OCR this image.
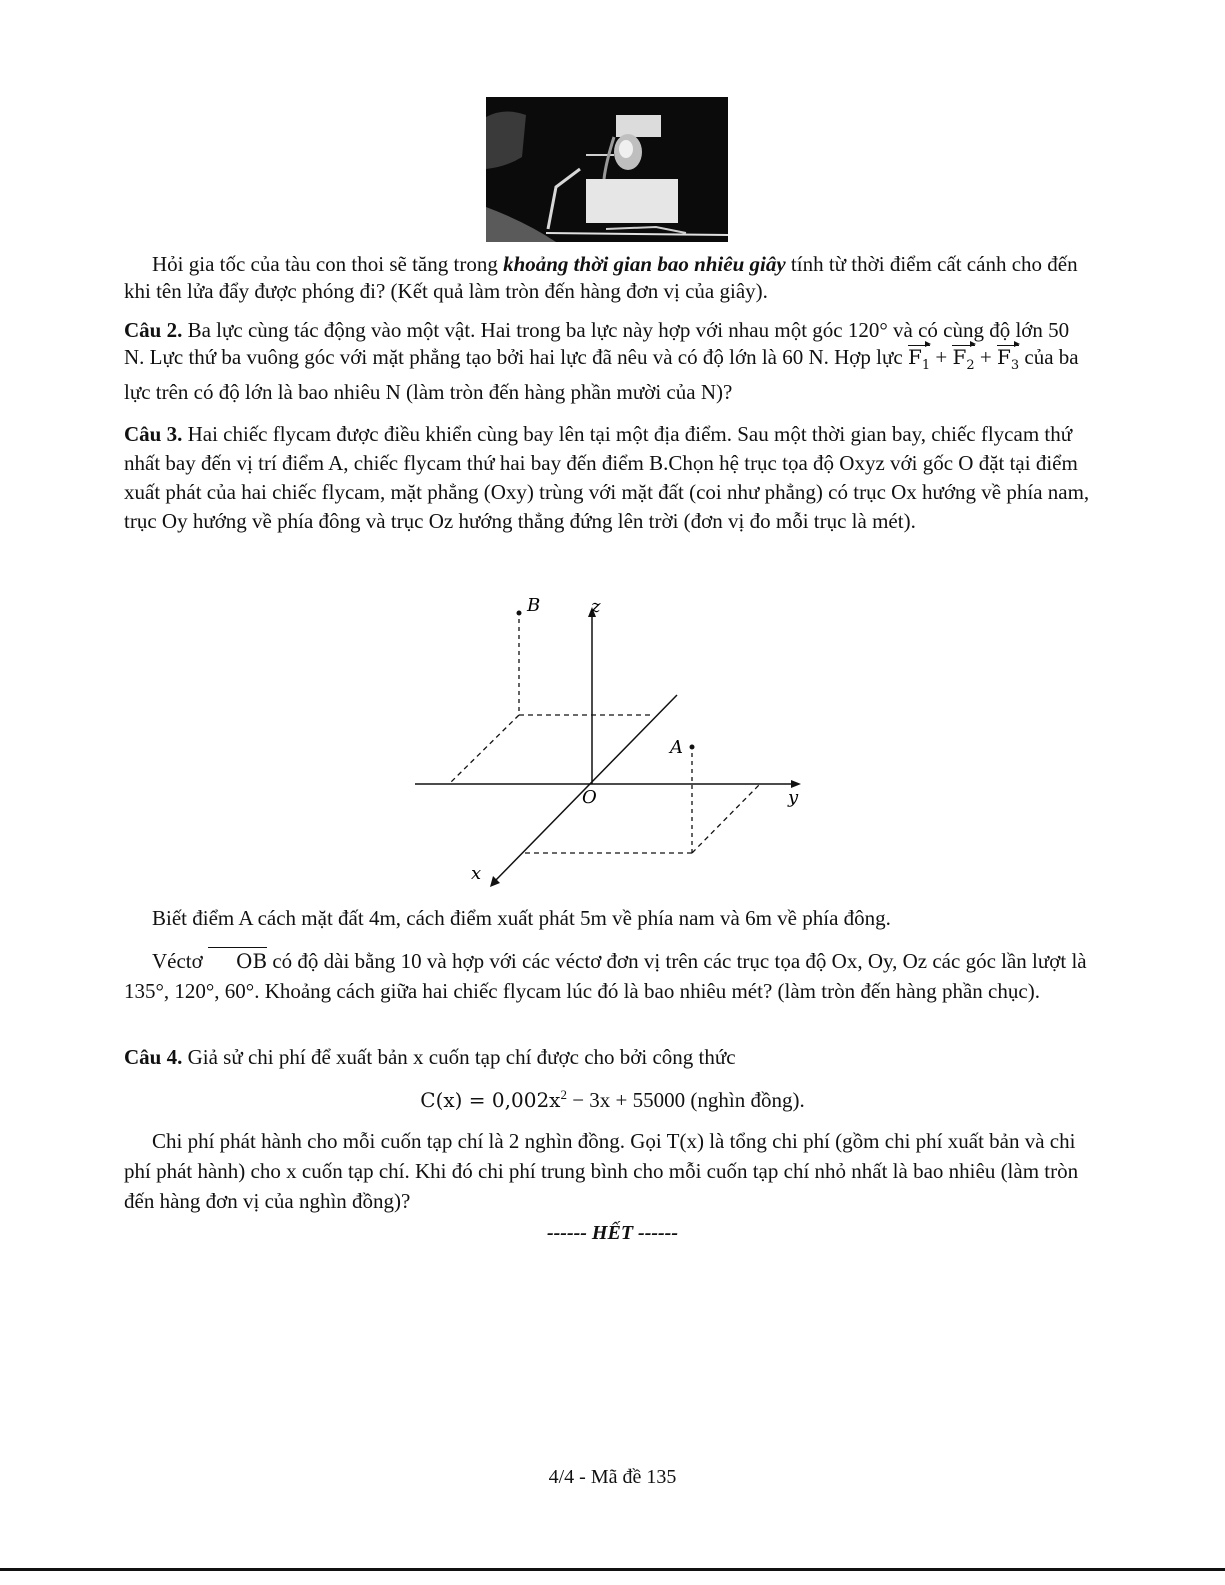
Hỏi gia tốc của tàu con thoi sẽ tăng trong khoảng thời gian bao nhiêu giây tính từ thời điểm cất cánh cho đến khi tên lửa đẩy được phóng đi? (Kết quả làm tròn đến hàng đơn vị của giây).

Câu 2. Ba lực cùng tác động vào một vật. Hai trong ba lực này hợp với nhau một góc 120° và có cùng độ lớn 50 N. Lực thứ ba vuông góc với mặt phẳng tạo bởi hai lực đã nêu và có độ lớn là 60 N. Hợp lực $F_1 + F_2 + F_3$ của ba lực trên có độ lớn là bao nhiêu N (làm tròn đến hàng phần mười của N)?

Câu 3. Hai chiếc flycam được điều khiển cùng bay lên tại một địa điểm. Sau một thời gian bay, chiếc flycam thứ nhất bay đến vị trí điểm A, chiếc flycam thứ hai bay đến điểm B.Chọn hệ trục tọa độ Oxyz với gốc O đặt tại điểm xuất phát của hai chiếc flycam, mặt phẳng (Oxy) trùng với mặt đất (coi như phẳng) có trục Ox hướng về phía nam, trục Oy hướng về phía đông và trục Oz hướng thẳng đứng lên trời (đơn vị đo mỗi trục là mét).

B	z
A
O	y
x

Biết điểm A cách mặt đất 4m, cách điểm xuất phát 5m về phía nam và 6m về phía đông.

Véctơ OB có độ dài bằng 10 và hợp với các véctơ đơn vị trên các trục tọa độ Ox, Oy, Oz các góc lần lượt là 135°, 120°, 60°. Khoảng cách giữa hai chiếc flycam lúc đó là bao nhiêu mét? (làm tròn đến hàng phần chục).

Câu 4. Giả sử chi phí để xuất bản x cuốn tạp chí được cho bởi công thức

$C(x) = 0,002x^2 - 3x + 55000$ (nghìn đồng).

Chi phí phát hành cho mỗi cuốn tạp chí là 2 nghìn đồng. Gọi T(x) là tổng chi phí (gồm chi phí xuất bản và chi phí phát hành) cho x cuốn tạp chí. Khi đó chi phí trung bình cho mỗi cuốn tạp chí nhỏ nhất là bao nhiêu (làm tròn đến hàng đơn vị của nghìn đồng)?

------ HẾT ------
4/4 - Mã đề 135
